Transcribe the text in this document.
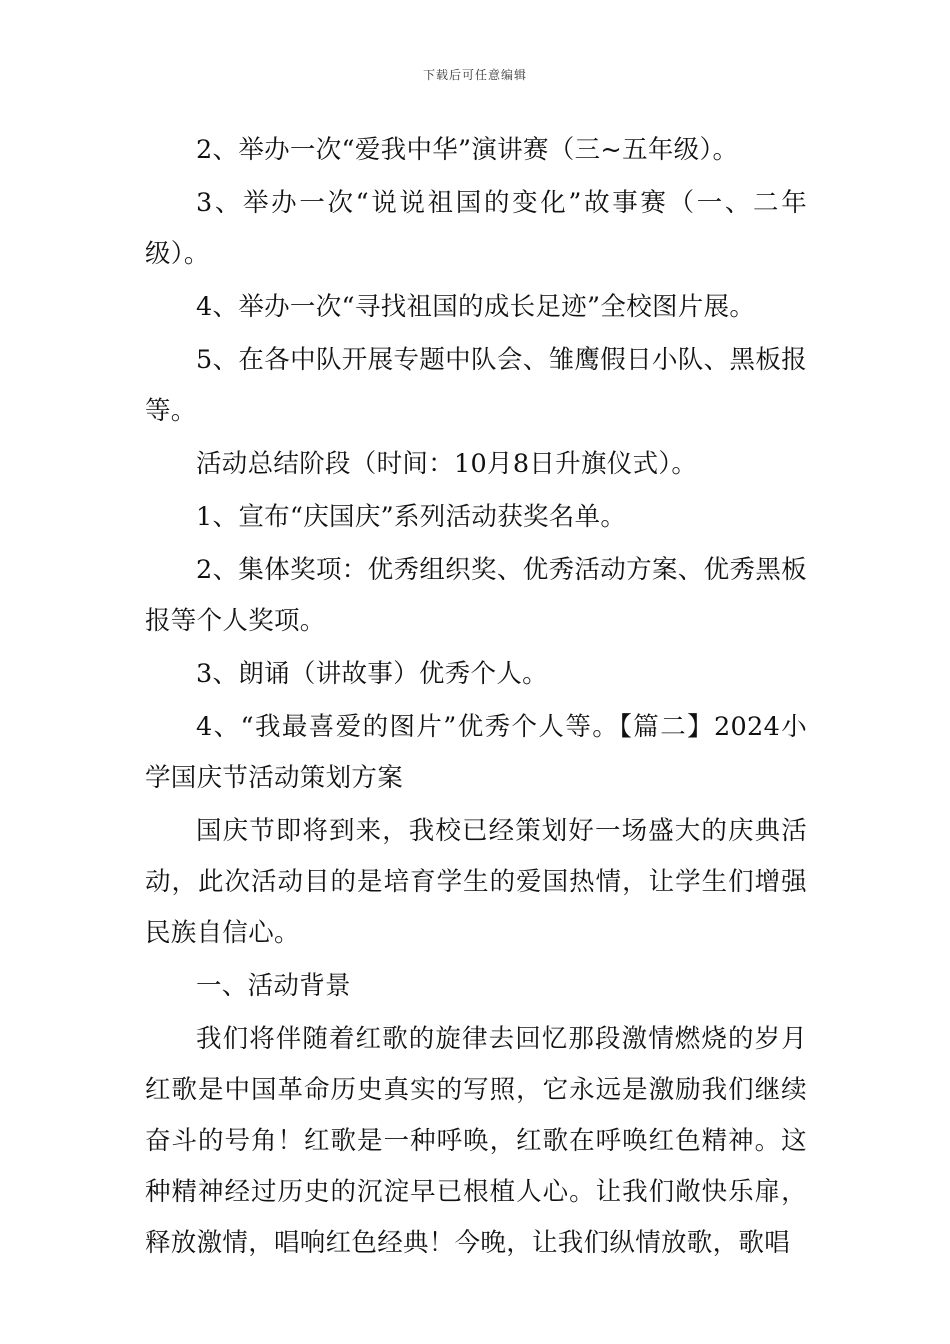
下载后可任意编辑

2、举办一次“爱我中华”演讲赛（三~五年级）。

3、举办一次“说说祖国的变化”故事赛（一、二年级）。

4、举办一次“寻找祖国的成长足迹”全校图片展。

5、在各中队开展专题中队会、雏鹰假日小队、黑板报等。

活动总结阶段（时间：10月8日升旗仪式）。

1、宣布“庆国庆”系列活动获奖名单。

2、集体奖项：优秀组织奖、优秀活动方案、优秀黑板报等个人奖项。

3、朗诵（讲故事）优秀个人。

4、“我最喜爱的图片”优秀个人等。【篇二】2024小学国庆节活动策划方案

国庆节即将到来，我校已经策划好一场盛大的庆典活动，此次活动目的是培育学生的爱国热情，让学生们增强民族自信心。

一、活动背景

我们将伴随着红歌的旋律去回忆那段激情燃烧的岁月红歌是中国革命历史真实的写照，它永远是激励我们继续奋斗的号角！红歌是一种呼唤，红歌在呼唤红色精神。这种精神经过历史的沉淀早已根植人心。让我们敞快乐扉，释放激情，唱响红色经典！今晚，让我们纵情放歌，歌唱
